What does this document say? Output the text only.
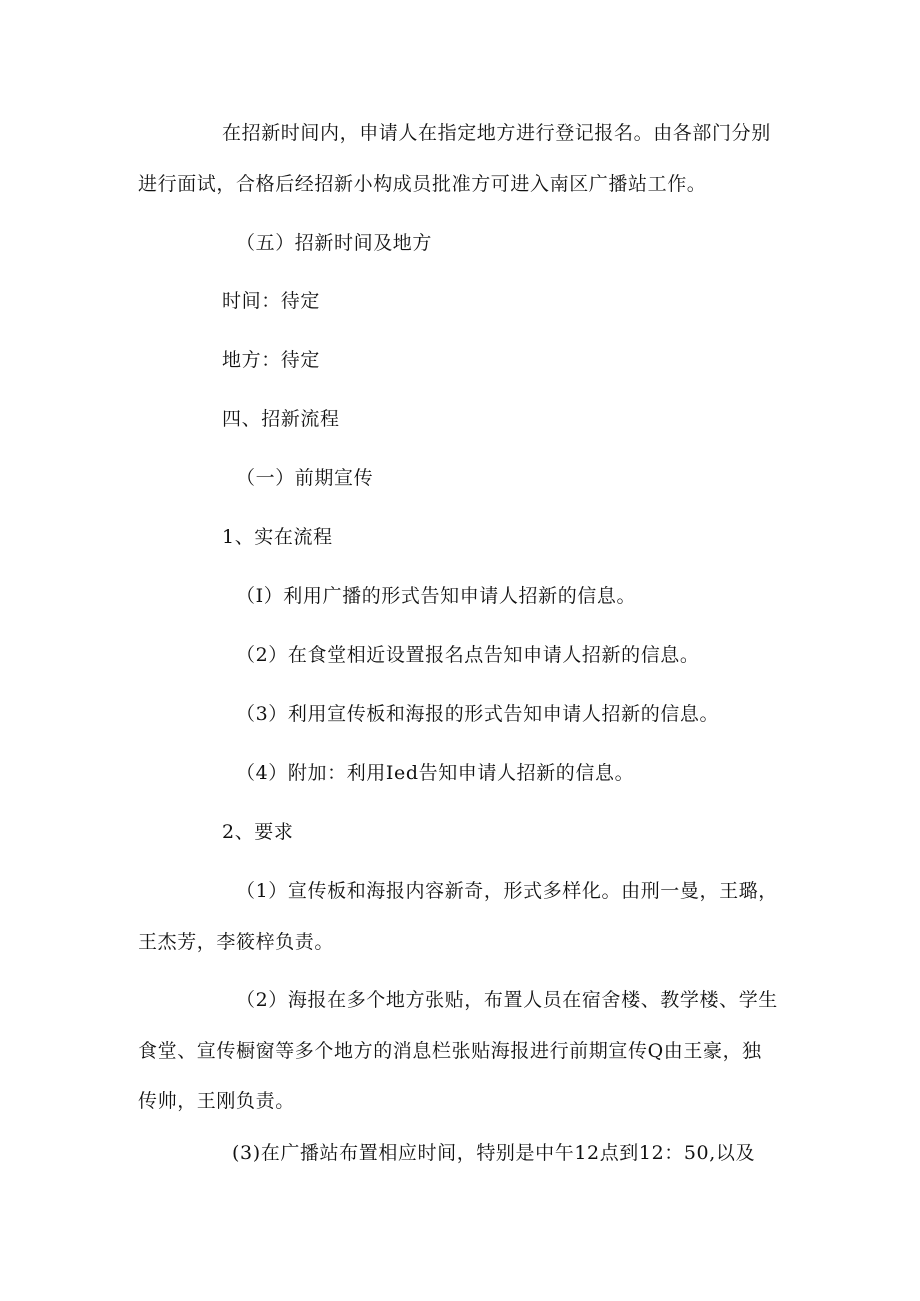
在招新时间内，申请人在指定地方进行登记报名。由各部门分别
进行面试，合格后经招新小构成员批准方可进入南区广播站工作。
（五）招新时间及地方
时间：待定
地方：待定
四、招新流程
（一）前期宣传
1、实在流程
（I）利用广播的形式告知申请人招新的信息。
（2）在食堂相近设置报名点告知申请人招新的信息。
（3）利用宣传板和海报的形式告知申请人招新的信息。
（4）附加：利用Ied告知申请人招新的信息。
2、要求
（1）宣传板和海报内容新奇，形式多样化。由刑一曼，王璐，
王杰芳，李筱梓负责。
（2）海报在多个地方张贴，布置人员在宿舍楼、教学楼、学生
食堂、宣传橱窗等多个地方的消息栏张贴海报进行前期宣传Q由王豪，独
传帅，王刚负责。
(3)在广播站布置相应时间，特别是中午12点到12：50,以及
